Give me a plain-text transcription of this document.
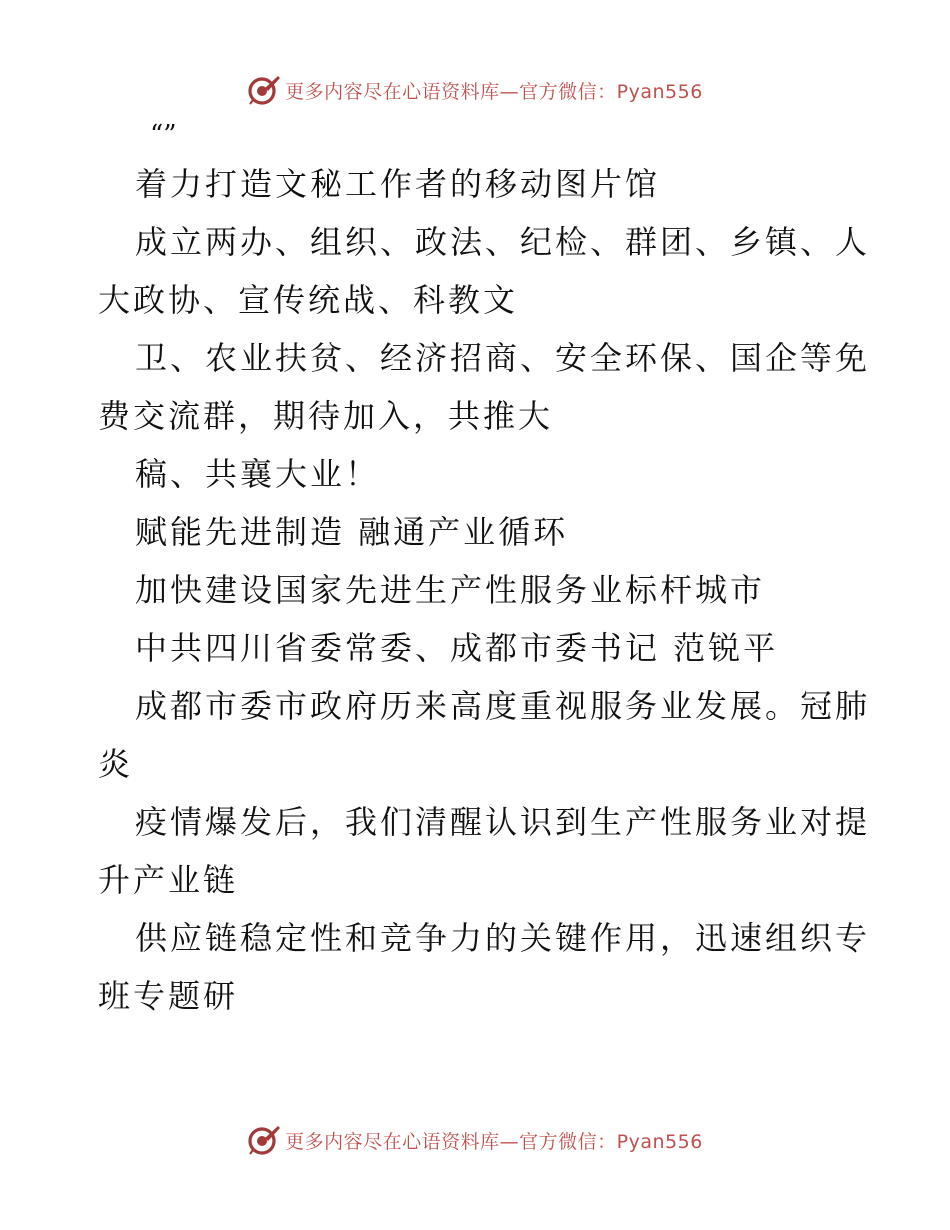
更多内容尽在心语资料库—官方微信：Pyan556
“”
着力打造文秘工作者的移动图片馆
成立两办、组织、政法、纪检、群团、乡镇、人
大政协、宣传统战、科教文
卫、农业扶贫、经济招商、安全环保、国企等免
费交流群，期待加入，共推大
稿、共襄大业！
赋能先进制造 融通产业循环
加快建设国家先进生产性服务业标杆城市
中共四川省委常委、成都市委书记 范锐平
成都市委市政府历来高度重视服务业发展。冠肺
炎
疫情爆发后，我们清醒认识到生产性服务业对提
升产业链
供应链稳定性和竞争力的关键作用，迅速组织专
班专题研
更多内容尽在心语资料库—官方微信：Pyan556
